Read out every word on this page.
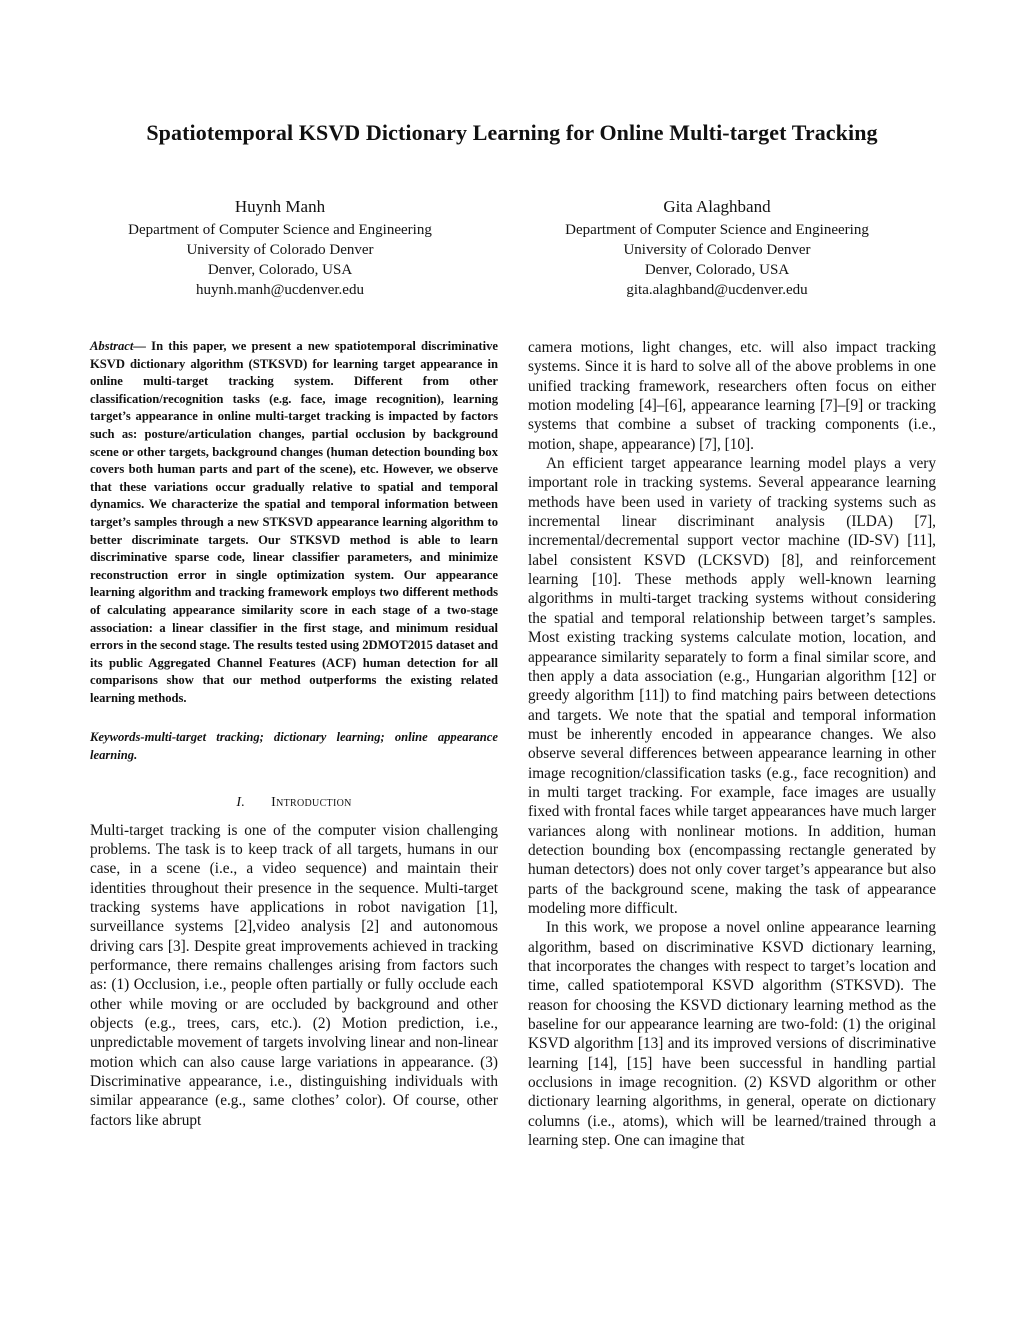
Spatiotemporal KSVD Dictionary Learning for Online Multi-target Tracking
Huynh Manh
Department of Computer Science and Engineering
University of Colorado Denver
Denver, Colorado, USA
huynh.manh@ucdenver.edu
Gita Alaghband
Department of Computer Science and Engineering
University of Colorado Denver
Denver, Colorado, USA
gita.alaghband@ucdenver.edu

Abstract— In this paper, we present a new spatiotemporal discriminative KSVD dictionary algorithm (STKSVD) for learning target appearance in online multi-target tracking system. Different from other classification/recognition tasks (e.g. face, image recognition), learning target’s appearance in online multi-target tracking is impacted by factors such as: posture/articulation changes, partial occlusion by background scene or other targets, background changes (human detection bounding box covers both human parts and part of the scene), etc. However, we observe that these variations occur gradually relative to spatial and temporal dynamics. We characterize the spatial and temporal information between target’s samples through a new STKSVD appearance learning algorithm to better discriminate targets. Our STKSVD method is able to learn discriminative sparse code, linear classifier parameters, and minimize reconstruction error in single optimization system. Our appearance learning algorithm and tracking framework employs two different methods of calculating appearance similarity score in each stage of a two-stage association: a linear classifier in the first stage, and minimum residual errors in the second stage. The results tested using 2DMOT2015 dataset and its public Aggregated Channel Features (ACF) human detection for all comparisons show that our method outperforms the existing related learning methods.

Keywords-multi-target tracking; dictionary learning; online appearance learning.

I. Introduction

Multi-target tracking is one of the computer vision challenging problems. The task is to keep track of all targets, humans in our case, in a scene (i.e., a video sequence) and maintain their identities throughout their presence in the sequence. Multi-target tracking systems have applications in robot navigation [1], surveillance systems [2],video analysis [2] and autonomous driving cars [3]. Despite great improvements achieved in tracking performance, there remains challenges arising from factors such as: (1) Occlusion, i.e., people often partially or fully occlude each other while moving or are occluded by background and other objects (e.g., trees, cars, etc.). (2) Motion prediction, i.e., unpredictable movement of targets involving linear and non-linear motion which can also cause large variations in appearance. (3) Discriminative appearance, i.e., distinguishing individuals with similar appearance (e.g., same clothes’ color). Of course, other factors like abrupt

camera motions, light changes, etc. will also impact tracking systems. Since it is hard to solve all of the above problems in one unified tracking framework, researchers often focus on either motion modeling [4]–[6], appearance learning [7]–[9] or tracking systems that combine a subset of tracking components (i.e., motion, shape, appearance) [7], [10].

An efficient target appearance learning model plays a very important role in tracking systems. Several appearance learning methods have been used in variety of tracking systems such as incremental linear discriminant analysis (ILDA) [7], incremental/decremental support vector machine (ID-SV) [11], label consistent KSVD (LCKSVD) [8], and reinforcement learning [10]. These methods apply well-known learning algorithms in multi-target tracking systems without considering the spatial and temporal relationship between target’s samples. Most existing tracking systems calculate motion, location, and appearance similarity separately to form a final similar score, and then apply a data association (e.g., Hungarian algorithm [12] or greedy algorithm [11]) to find matching pairs between detections and targets. We note that the spatial and temporal information must be inherently encoded in appearance changes. We also observe several differences between appearance learning in other image recognition/classification tasks (e.g., face recognition) and in multi target tracking. For example, face images are usually fixed with frontal faces while target appearances have much larger variances along with nonlinear motions. In addition, human detection bounding box (encompassing rectangle generated by human detectors) does not only cover target’s appearance but also parts of the background scene, making the task of appearance modeling more difficult.

In this work, we propose a novel online appearance learning algorithm, based on discriminative KSVD dictionary learning, that incorporates the changes with respect to target’s location and time, called spatiotemporal KSVD algorithm (STKSVD). The reason for choosing the KSVD dictionary learning method as the baseline for our appearance learning are two-fold: (1) the original KSVD algorithm [13] and its improved versions of discriminative learning [14], [15] have been successful in handling partial occlusions in image recognition. (2) KSVD algorithm or other dictionary learning algorithms, in general, operate on dictionary columns (i.e., atoms), which will be learned/trained through a learning step. One can imagine that
